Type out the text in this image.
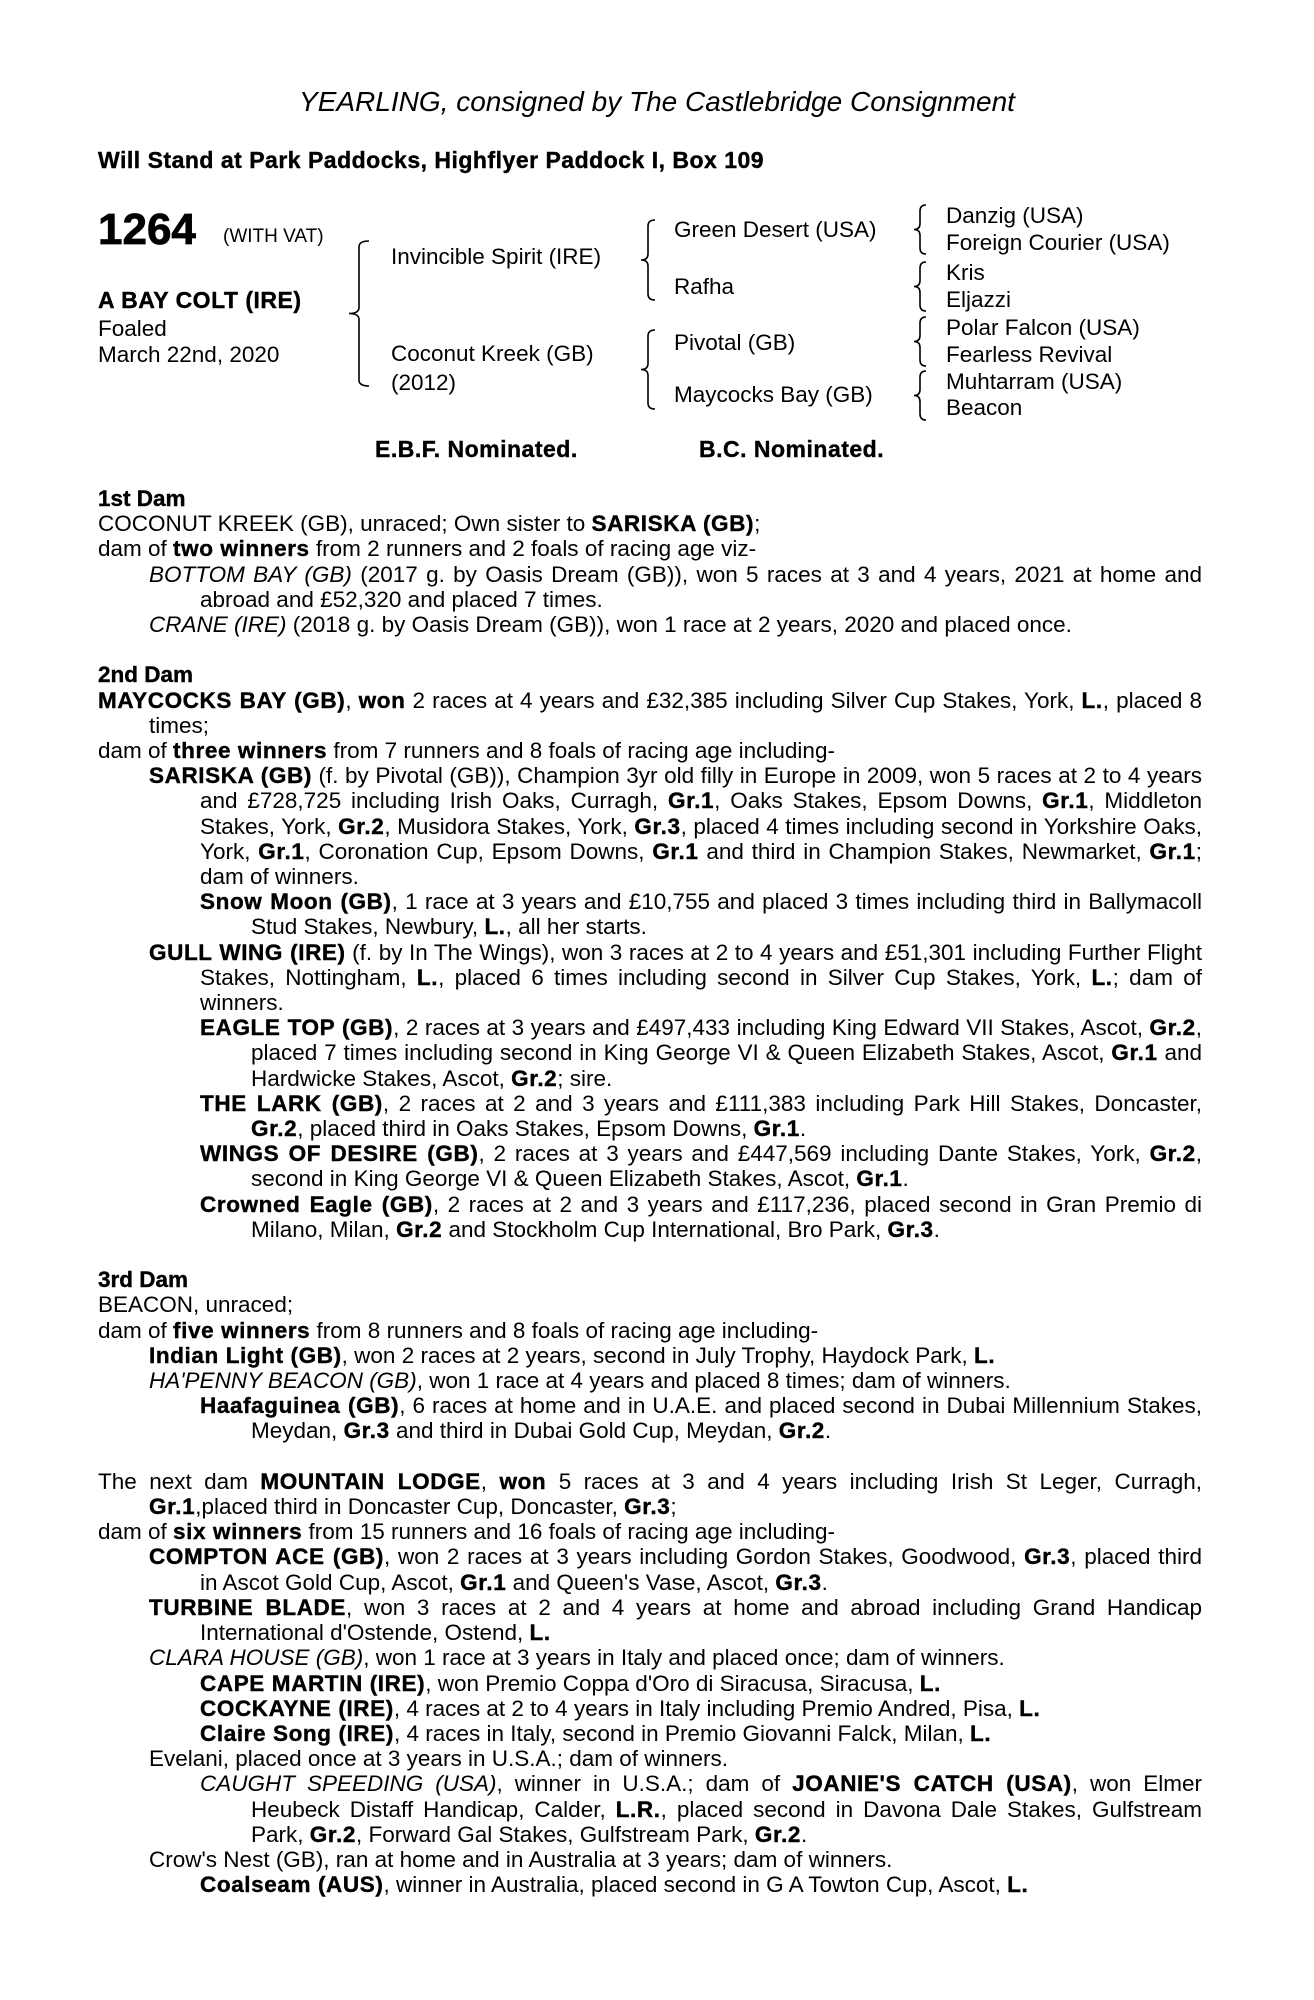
YEARLING, consigned by The Castlebridge Consignment
Will Stand at Park Paddocks, Highflyer Paddock I, Box 109
1264 (WITH VAT)
A BAY COLT (IRE)
Foaled
March 22nd, 2020
Invincible Spirit (IRE)
Coconut Kreek (GB)
(2012)
Green Desert (USA)
Rafha
Pivotal (GB)
Maycocks Bay (GB)
Danzig (USA)
Foreign Courier (USA)
Kris
Eljazzi
Polar Falcon (USA)
Fearless Revival
Muhtarram (USA)
Beacon
E.B.F. Nominated.	B.C. Nominated.
1st Dam
COCONUT KREEK (GB), unraced; Own sister to SARISKA (GB);
dam of two winners from 2 runners and 2 foals of racing age viz-
BOTTOM BAY (GB) (2017 g. by Oasis Dream (GB)), won 5 races at 3 and 4 years, 2021 at home and abroad and £52,320 and placed 7 times.
CRANE (IRE) (2018 g. by Oasis Dream (GB)), won 1 race at 2 years, 2020 and placed once.
2nd Dam
MAYCOCKS BAY (GB), won 2 races at 4 years and £32,385 including Silver Cup Stakes, York, L., placed 8 times;
dam of three winners from 7 runners and 8 foals of racing age including-
SARISKA (GB) (f. by Pivotal (GB)), Champion 3yr old filly in Europe in 2009, won 5 races at 2 to 4 years and £728,725 including Irish Oaks, Curragh, Gr.1, Oaks Stakes, Epsom Downs, Gr.1, Middleton Stakes, York, Gr.2, Musidora Stakes, York, Gr.3, placed 4 times including second in Yorkshire Oaks, York, Gr.1, Coronation Cup, Epsom Downs, Gr.1 and third in Champion Stakes, Newmarket, Gr.1; dam of winners.
Snow Moon (GB), 1 race at 3 years and £10,755 and placed 3 times including third in Ballymacoll Stud Stakes, Newbury, L., all her starts.
GULL WING (IRE) (f. by In The Wings), won 3 races at 2 to 4 years and £51,301 including Further Flight Stakes, Nottingham, L., placed 6 times including second in Silver Cup Stakes, York, L.; dam of winners.
EAGLE TOP (GB), 2 races at 3 years and £497,433 including King Edward VII Stakes, Ascot, Gr.2, placed 7 times including second in King George VI & Queen Elizabeth Stakes, Ascot, Gr.1 and Hardwicke Stakes, Ascot, Gr.2; sire.
THE LARK (GB), 2 races at 2 and 3 years and £111,383 including Park Hill Stakes, Doncaster, Gr.2, placed third in Oaks Stakes, Epsom Downs, Gr.1.
WINGS OF DESIRE (GB), 2 races at 3 years and £447,569 including Dante Stakes, York, Gr.2, second in King George VI & Queen Elizabeth Stakes, Ascot, Gr.1.
Crowned Eagle (GB), 2 races at 2 and 3 years and £117,236, placed second in Gran Premio di Milano, Milan, Gr.2 and Stockholm Cup International, Bro Park, Gr.3.
3rd Dam
BEACON, unraced;
dam of five winners from 8 runners and 8 foals of racing age including-
Indian Light (GB), won 2 races at 2 years, second in July Trophy, Haydock Park, L.
HA'PENNY BEACON (GB), won 1 race at 4 years and placed 8 times; dam of winners.
Haafaguinea (GB), 6 races at home and in U.A.E. and placed second in Dubai Millennium Stakes, Meydan, Gr.3 and third in Dubai Gold Cup, Meydan, Gr.2.
The next dam MOUNTAIN LODGE, won 5 races at 3 and 4 years including Irish St Leger, Curragh, Gr.1,placed third in Doncaster Cup, Doncaster, Gr.3;
dam of six winners from 15 runners and 16 foals of racing age including-
COMPTON ACE (GB), won 2 races at 3 years including Gordon Stakes, Goodwood, Gr.3, placed third in Ascot Gold Cup, Ascot, Gr.1 and Queen's Vase, Ascot, Gr.3.
TURBINE BLADE, won 3 races at 2 and 4 years at home and abroad including Grand Handicap International d'Ostende, Ostend, L.
CLARA HOUSE (GB), won 1 race at 3 years in Italy and placed once; dam of winners.
CAPE MARTIN (IRE), won Premio Coppa d'Oro di Siracusa, Siracusa, L.
COCKAYNE (IRE), 4 races at 2 to 4 years in Italy including Premio Andred, Pisa, L.
Claire Song (IRE), 4 races in Italy, second in Premio Giovanni Falck, Milan, L.
Evelani, placed once at 3 years in U.S.A.; dam of winners.
CAUGHT SPEEDING (USA), winner in U.S.A.; dam of JOANIE'S CATCH (USA), won Elmer Heubeck Distaff Handicap, Calder, L.R., placed second in Davona Dale Stakes, Gulfstream Park, Gr.2, Forward Gal Stakes, Gulfstream Park, Gr.2.
Crow's Nest (GB), ran at home and in Australia at 3 years; dam of winners.
Coalseam (AUS), winner in Australia, placed second in G A Towton Cup, Ascot, L.
